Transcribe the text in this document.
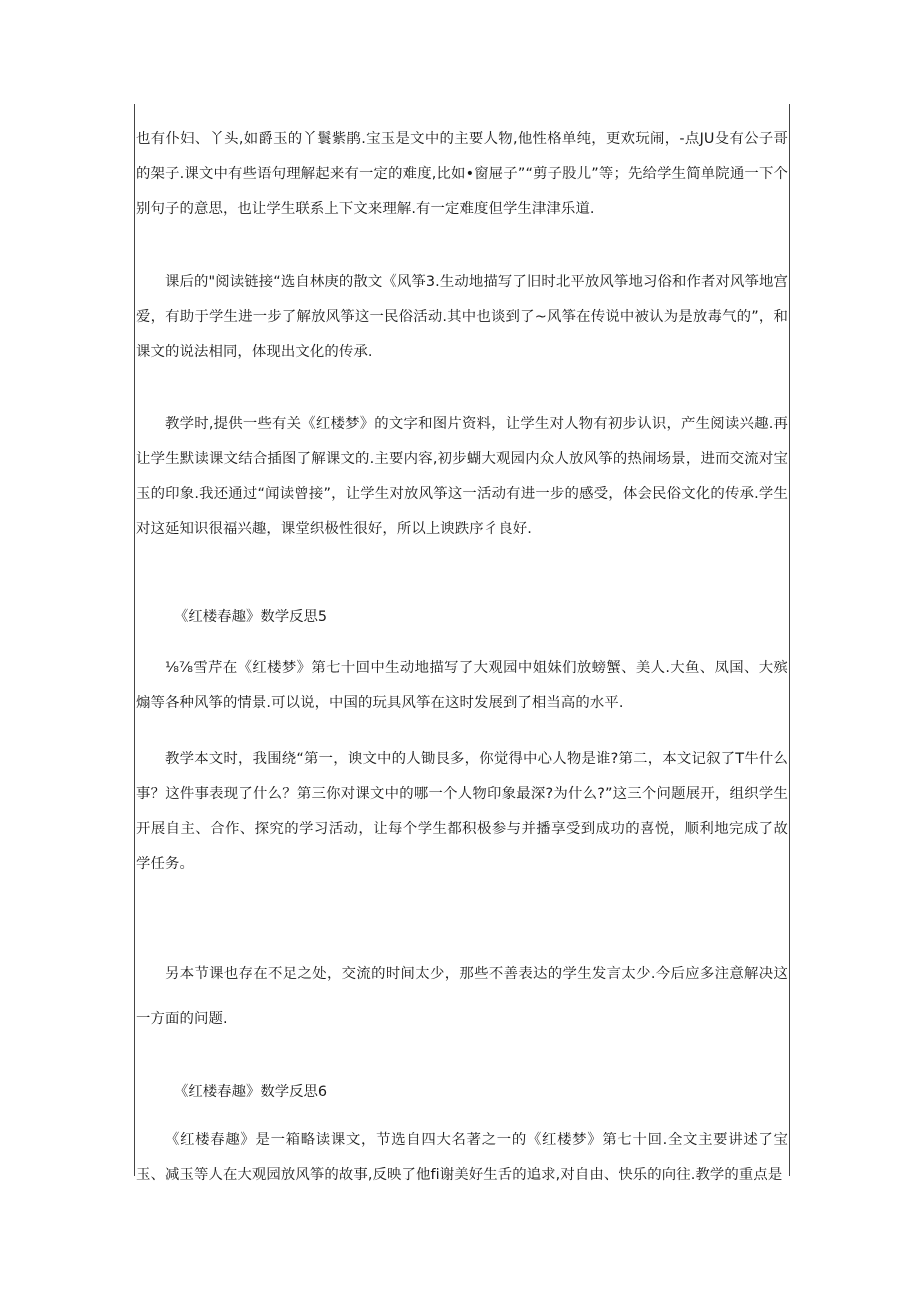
也有仆妇、丫头,如爵玉的丫鬟紫鹃.宝玉是文中的主要人物,他性格单纯，更欢玩闹，-点JU殳有公子哥的架子.课文中有些语句理解起来有一定的难度,比如•窗屉子”“剪子股儿”等；先给学生简单院通一下个别句子的意思，也让学生联系上下文来理解.有一定难度但学生津津乐道.

课后的"阅读链接“选自林庚的散文《风筝3.生动地描写了旧时北平放风筝地习俗和作者对风筝地宫爱，有助于学生进一步了解放风筝这一民俗活动.其中也谈到了~风筝在传说中被认为是放毒气的”，和课文的说法相同，体现出文化的传承.

教学时,提供一些有关《红楼梦》的文字和图片资料，让学生对人物有初步认识，产生阅读兴趣.再让学生默读课文结合插图了解课文的.主要内容,初步蝴大观园内众人放风筝的热闹场景，进而交流对宝玉的印象.我还通过“闻读曾接”，让学生对放风筝这一活动有进一步的感受，体会民俗文化的传承.学生对这延知识很福兴趣，课堂织极性很好，所以上谀跌序彳良好.

《红楼春趣》数学反思5

⅛⅞雪芹在《红楼梦》第七十回中生动地描写了大观园中姐妹们放螃蟹、美人.大鱼、凤国、大殡煽等各种风筝的情景.可以说，中国的玩具风筝在这时发展到了相当高的水平.

教学本文时，我围绕“第一，谀文中的人锄艮多，你觉得中心人物是谁?第二，本文记叙了T牛什么事？这件事表现了什么？第三你对课文中的哪一个人物印象最深?为什么?”这三个问题展开，组织学生开展自主、合作、探究的学习活动，让每个学生都积极参与并播享受到成功的喜悦，顺利地完成了故学任务。

另本节课也存在不足之处，交流的时间太少，那些不善表达的学生发言太少.今后应多注意解决这一方面的问题.

《红楼春趣》数学反思6

《红楼春趣》是一箱略读课文，节选自四大名著之一的《红楼梦》第七十回.全文主要讲述了宝玉、减玉等人在大观园放风筝的故事,反映了他fi谢美好生舌的追求,对自由、快乐的向往.教学的重点是
